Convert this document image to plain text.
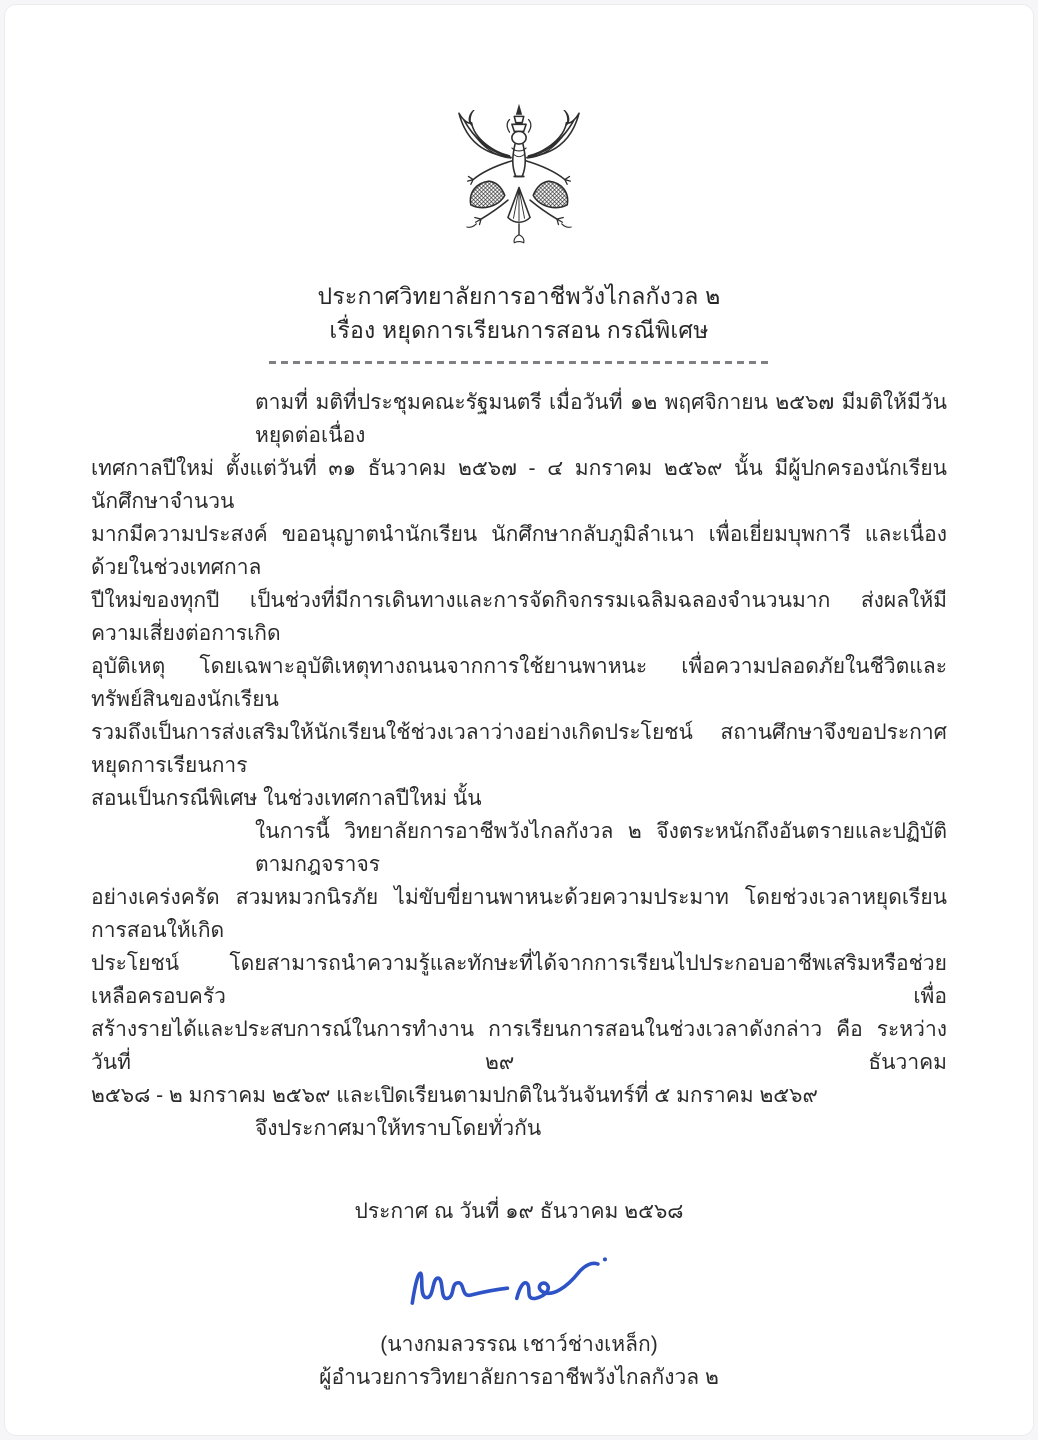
ประกาศวิทยาลัยการอาชีพวังไกลกังวล ๒
เรื่อง หยุดการเรียนการสอน กรณีพิเศษ
ตามที่ มติที่ประชุมคณะรัฐมนตรี เมื่อวันที่ ๑๒ พฤศจิกายน ๒๕๖๗ มีมติให้มีวันหยุดต่อเนื่อง
เทศกาลปีใหม่ ตั้งแต่วันที่ ๓๑ ธันวาคม ๒๕๖๗ - ๔ มกราคม ๒๕๖๙ นั้น มีผู้ปกครองนักเรียน นักศึกษาจำนวน
มากมีความประสงค์ ขออนุญาตนำนักเรียน นักศึกษากลับภูมิลำเนา เพื่อเยี่ยมบุพการี และเนื่องด้วยในช่วงเทศกาล
ปีใหม่ของทุกปี เป็นช่วงที่มีการเดินทางและการจัดกิจกรรมเฉลิมฉลองจำนวนมาก ส่งผลให้มีความเสี่ยงต่อการเกิด
อุบัติเหตุ โดยเฉพาะอุบัติเหตุทางถนนจากการใช้ยานพาหนะ เพื่อความปลอดภัยในชีวิตและทรัพย์สินของนักเรียน
รวมถึงเป็นการส่งเสริมให้นักเรียนใช้ช่วงเวลาว่างอย่างเกิดประโยชน์ สถานศึกษาจึงขอประกาศ หยุดการเรียนการ
สอนเป็นกรณีพิเศษ ในช่วงเทศกาลปีใหม่ นั้น
ในการนี้ วิทยาลัยการอาชีพวังไกลกังวล ๒ จึงตระหนักถึงอันตรายและปฏิบัติตามกฎจราจร
อย่างเคร่งครัด สวมหมวกนิรภัย ไม่ขับขี่ยานพาหนะด้วยความประมาท โดยช่วงเวลาหยุดเรียนการสอนให้เกิด
ประโยชน์ โดยสามารถนำความรู้และทักษะที่ได้จากการเรียนไปประกอบอาชีพเสริมหรือช่วยเหลือครอบครัว เพื่อ
สร้างรายได้และประสบการณ์ในการทำงาน การเรียนการสอนในช่วงเวลาดังกล่าว คือ ระหว่างวันที่ ๒๙ ธันวาคม
๒๕๖๘ - ๒ มกราคม ๒๕๖๙ และเปิดเรียนตามปกติในวันจันทร์ที่ ๕ มกราคม ๒๕๖๙
จึงประกาศมาให้ทราบโดยทั่วกัน
ประกาศ ณ วันที่ ๑๙ ธันวาคม ๒๕๖๘
(นางกมลวรรณ เชาว์ช่างเหล็ก)
ผู้อำนวยการวิทยาลัยการอาชีพวังไกลกังวล ๒
